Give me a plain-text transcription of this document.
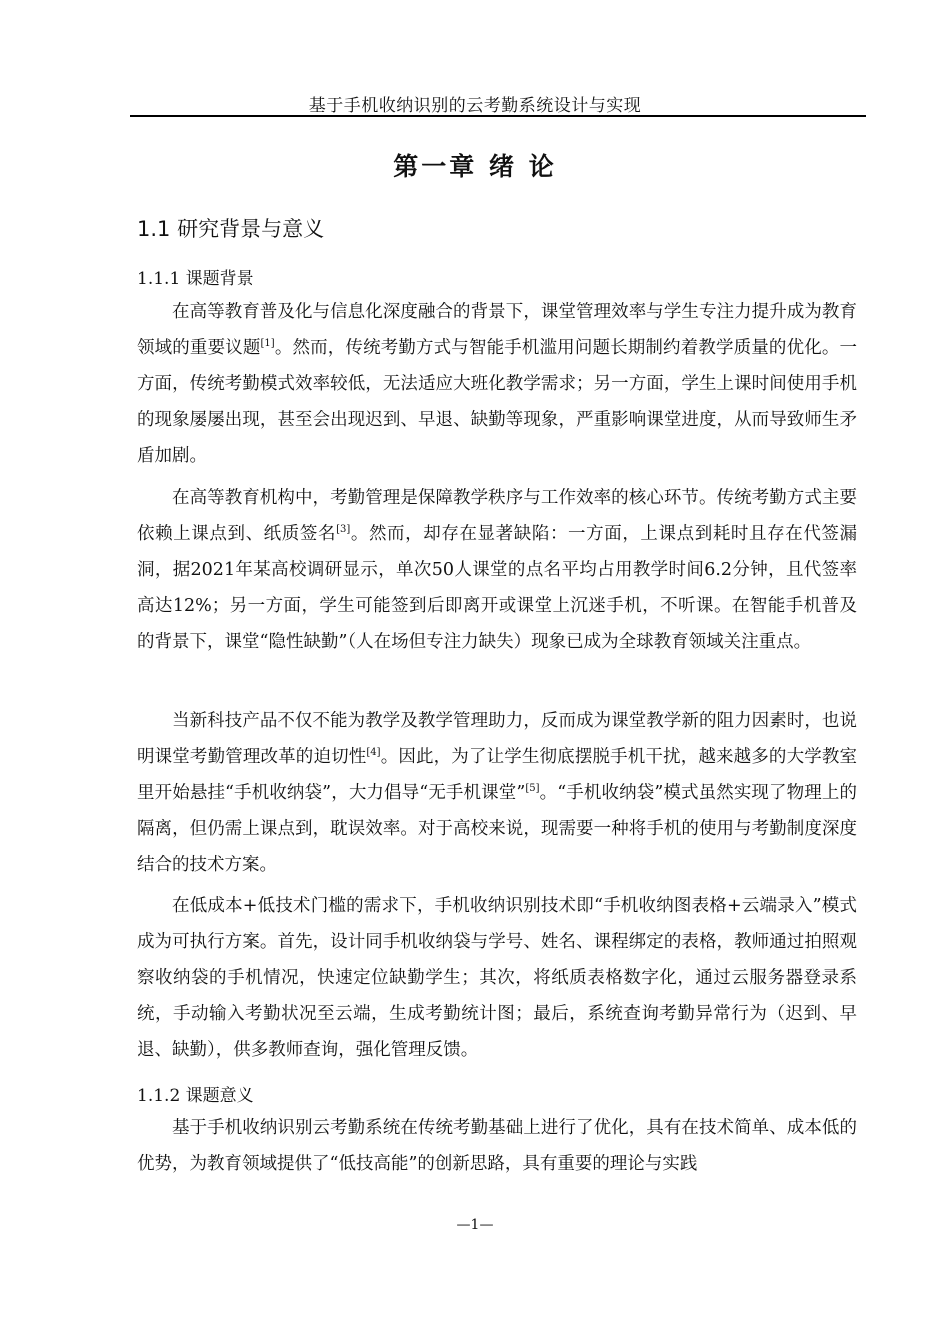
基于手机收纳识别的云考勤系统设计与实现
第一章 绪 论
1.1 研究背景与意义
1.1.1 课题背景

在高等教育普及化与信息化深度融合的背景下，课堂管理效率与学生专注力提升成为教育领域的重要议题[1]。然而，传统考勤方式与智能手机滥用问题长期制约着教学质量的优化。一方面，传统考勤模式效率较低，无法适应大班化教学需求；另一方面，学生上课时间使用手机的现象屡屡出现，甚至会出现迟到、早退、缺勤等现象，严重影响课堂进度，从而导致师生矛盾加剧。

在高等教育机构中，考勤管理是保障教学秩序与工作效率的核心环节。传统考勤方式主要依赖上课点到、纸质签名[3]。然而，却存在显著缺陷：一方面，上课点到耗时且存在代签漏洞，据2021年某高校调研显示，单次50人课堂的点名平均占用教学时间6.2分钟，且代签率高达12%；另一方面，学生可能签到后即离开或课堂上沉迷手机，不听课。在智能手机普及的背景下，课堂“隐性缺勤”（人在场但专注力缺失）现象已成为全球教育领域关注重点。

当新科技产品不仅不能为教学及教学管理助力，反而成为课堂教学新的阻力因素时，也说明课堂考勤管理改革的迫切性[4]。因此，为了让学生彻底摆脱手机干扰，越来越多的大学教室里开始悬挂“手机收纳袋”，大力倡导“无手机课堂”[5]。“手机收纳袋”模式虽然实现了物理上的隔离，但仍需上课点到，耽误效率。对于高校来说，现需要一种将手机的使用与考勤制度深度结合的技术方案。

在低成本+低技术门槛的需求下，手机收纳识别技术即“手机收纳图表格+云端录入”模式成为可执行方案。首先，设计同手机收纳袋与学号、姓名、课程绑定的表格，教师通过拍照观察收纳袋的手机情况，快速定位缺勤学生；其次，将纸质表格数字化，通过云服务器登录系统，手动输入考勤状况至云端，生成考勤统计图；最后，系统查询考勤异常行为（迟到、早退、缺勤），供多教师查询，强化管理反馈。

1.1.2 课题意义

基于手机收纳识别云考勤系统在传统考勤基础上进行了优化，具有在技术简单、成本低的优势，为教育领域提供了“低技高能”的创新思路，具有重要的理论与实践

—1—
